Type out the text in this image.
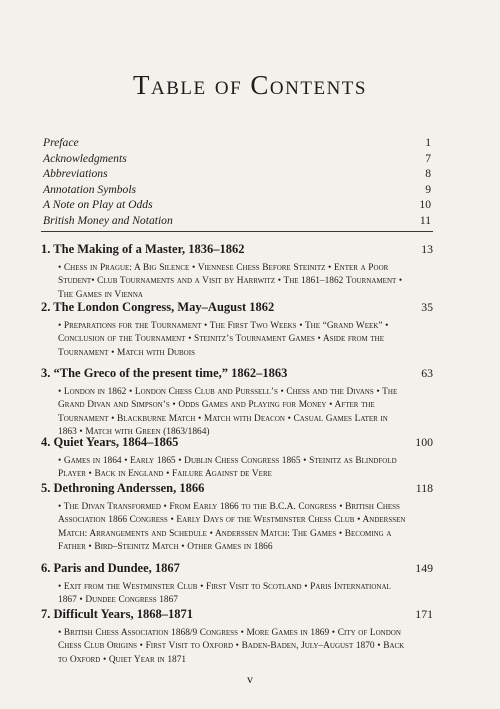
Table of Contents
Preface	1
Acknowledgments	7
Abbreviations	8
Annotation Symbols	9
A Note on Play at Odds	10
British Money and Notation	11
1. The Making of a Master, 1836–1862	13
• Chess in Prague: A Big Silence • Viennese Chess Before Steinitz • Enter a Poor Student• Club Tournaments and a Visit by Harrwitz • The 1861–1862 Tournament • The Games in Vienna
2. The London Congress, May–August 1862	35
• Preparations for the Tournament • The First Two Weeks • The “Grand Week” • Conclusion of the Tournament • Steinitz’s Tournament Games • Aside from the Tournament • Match with Dubois
3. “The Greco of the present time,” 1862–1863	63
• London in 1862 • London Chess Club and Purssell’s • Chess and the Divans • The Grand Divan and Simpson’s • Odds Games and Playing for Money • After the Tournament • Blackburne Match • Match with Deacon • Casual Games Later in 1863 • Match with Green (1863/1864)
4. Quiet Years, 1864–1865	100
• Games in 1864 • Early 1865 • Dublin Chess Congress 1865 • Steinitz as Blindfold Player • Back in England • Failure Against de Vere
5. Dethroning Anderssen, 1866	118
• The Divan Transformed • From Early 1866 to the B.C.A. Congress • British Chess Association 1866 Congress • Early Days of the Westminster Chess Club • Anderssen Match: Arrangements and Schedule • Anderssen Match: The Games • Becoming a Father • Bird–Steinitz Match • Other Games in 1866
6. Paris and Dundee, 1867	149
• Exit from the Westminster Club • First Visit to Scotland • Paris International 1867 • Dundee Congress 1867
7. Difficult Years, 1868–1871	171
• British Chess Association 1868/9 Congress • More Games in 1869 • City of London Chess Club Origins • First Visit to Oxford • Baden-Baden, July–August 1870 • Back to Oxford • Quiet Year in 1871
v
